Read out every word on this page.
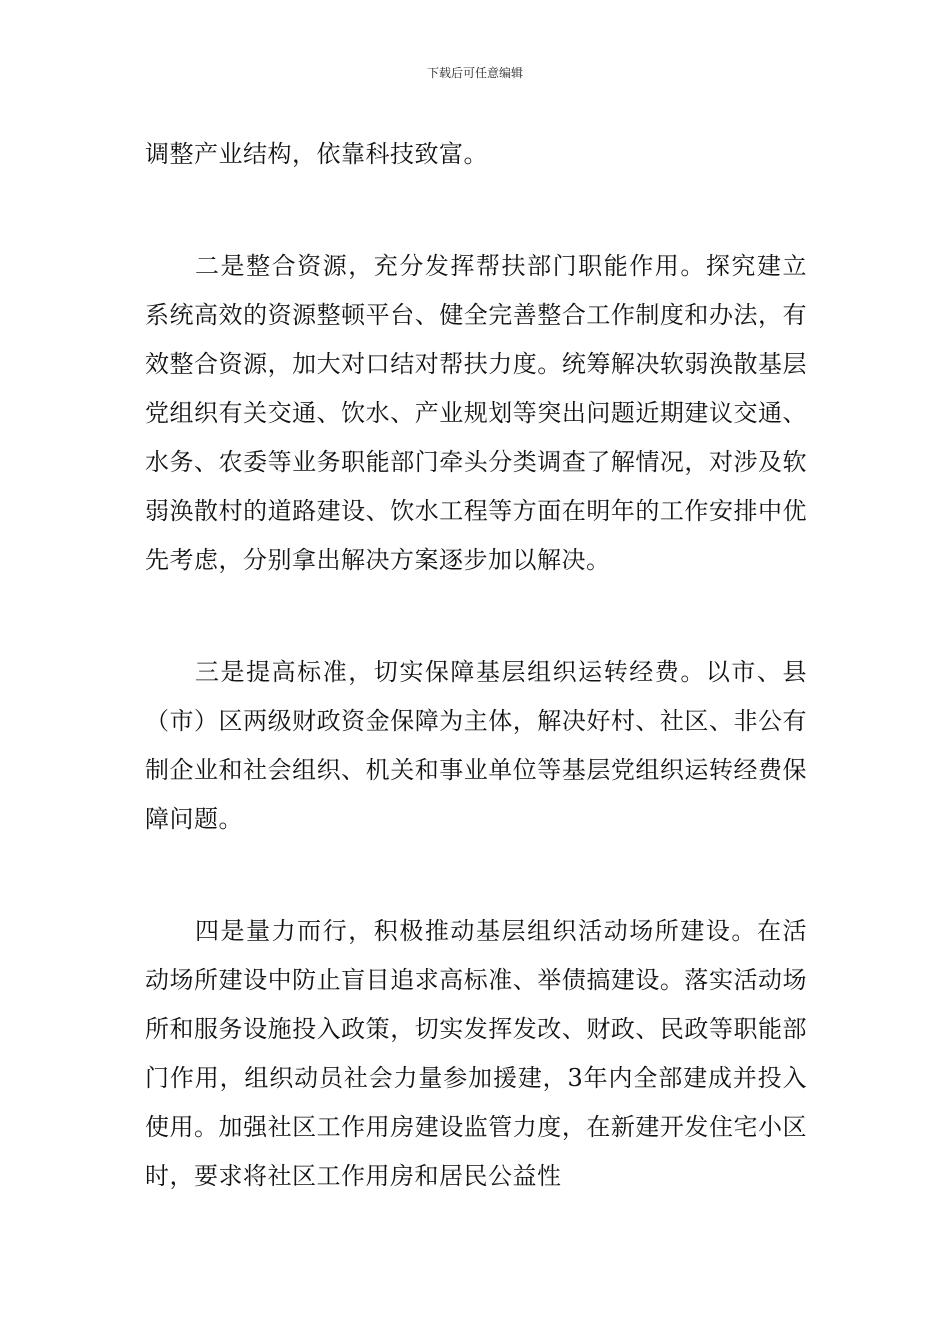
下载后可任意编辑

调整产业结构，依靠科技致富。

二是整合资源，充分发挥帮扶部门职能作用。探究建立系统高效的资源整顿平台、健全完善整合工作制度和办法，有效整合资源，加大对口结对帮扶力度。统筹解决软弱涣散基层党组织有关交通、饮水、产业规划等突出问题近期建议交通、水务、农委等业务职能部门牵头分类调查了解情况，对涉及软弱涣散村的道路建设、饮水工程等方面在明年的工作安排中优先考虑，分别拿出解决方案逐步加以解决。

三是提高标准，切实保障基层组织运转经费。以市、县（市）区两级财政资金保障为主体，解决好村、社区、非公有制企业和社会组织、机关和事业单位等基层党组织运转经费保障问题。

四是量力而行，积极推动基层组织活动场所建设。在活动场所建设中防止盲目追求高标准、举债搞建设。落实活动场所和服务设施投入政策，切实发挥发改、财政、民政等职能部门作用，组织动员社会力量参加援建，3年内全部建成并投入使用。加强社区工作用房建设监管力度，在新建开发住宅小区时，要求将社区工作用房和居民公益性
